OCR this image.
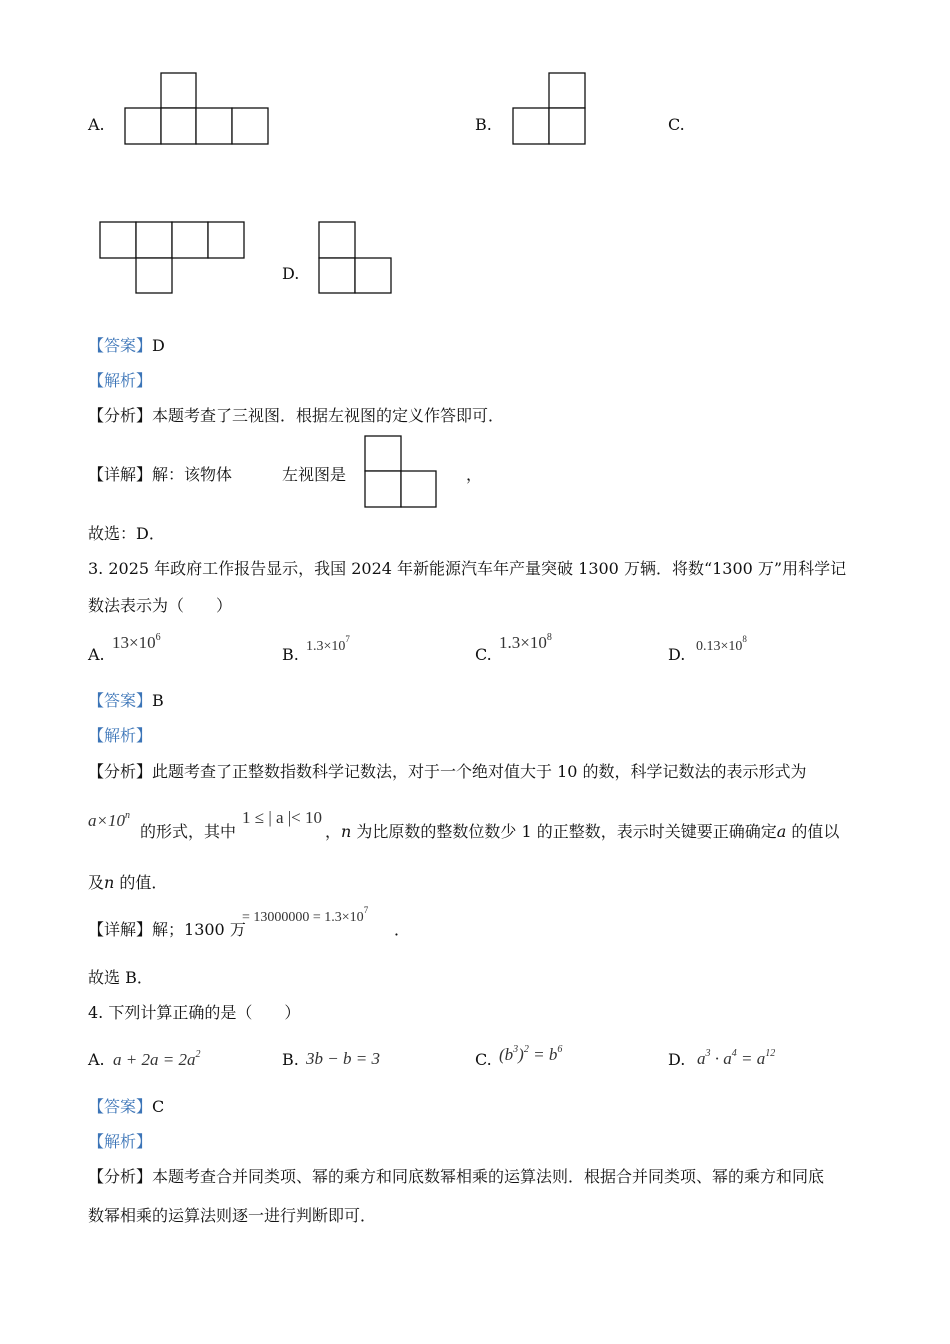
A.	B.	C.
D.
【答案】D
【解析】
【分析】本题考查了三视图．根据左视图的定义作答即可．
【详解】解：该物体	左视图是	，
故选：D．
3. 2025 年政府工作报告显示，我国 2024 年新能源汽车年产量突破 1300 万辆．将数“1300 万”用科学记
数法表示为（　　）
A.
$13\times 10^6$
B. $1.3\times 10^7$
C.
$1.3\times 10^8$
D. $0.13\times 10^8$
【答案】B
【解析】
【分析】此题考查了正整数指数科学记数法，对于一个绝对值大于 10 的数，科学记数法的表示形式为
$a\times 10^n$
的形式，其中
1 ≤ | a |< 10
，n 为比原数的整数位数少 1 的正整数，表示时关键要正确确定a 的值以
及n 的值．
【详解】解；1300 万
= $13000000 = 1.3\times 10^7$
．
故选 B．
4. 下列计算正确的是（　　）
A. $a + 2a = 2a^2$	B. 3b − b = 3	C. $(b^3)^2 = b^6$
D. $a^3 \cdot a^4 = a^{12}$
【答案】C
【解析】
【分析】本题考查合并同类项、幂的乘方和同底数幂相乘的运算法则．根据合并同类项、幂的乘方和同底
数幂相乘的运算法则逐一进行判断即可．
